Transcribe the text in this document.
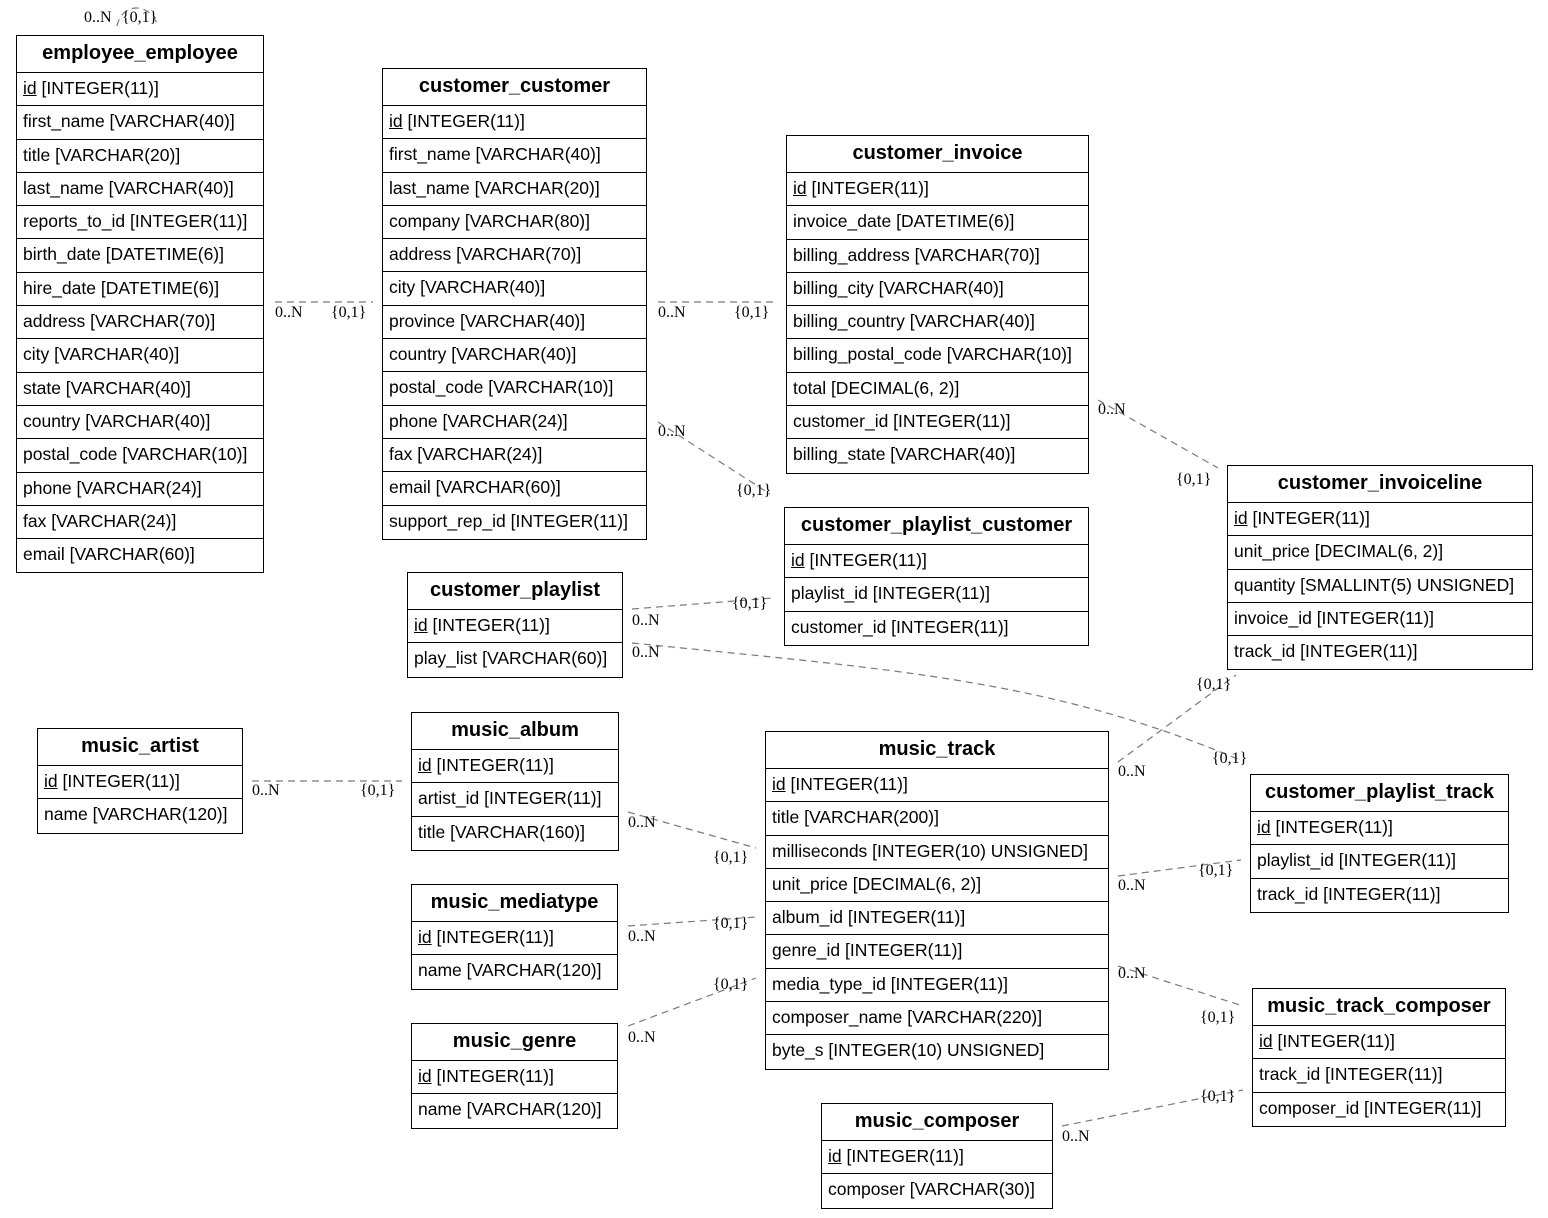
0..N {0,1}
0..N {0,1}	0..N	{0,1}
0..N
{0,1}
0..N
{0,1}
0..N
{0,1}
0..N
{0,1}
0..N
{0,1}
0..N	{0,1}
0..N
{0,1}
0..N
{0,1}
0..N
{0,1}
0..N
{0,1}
0..N
{0,1}
0..N
{0,1}
employee_employee
id [INTEGER(11)]
first_name [VARCHAR(40)]
title [VARCHAR(20)]
last_name [VARCHAR(40)]
reports_to_id [INTEGER(11)]
birth_date [DATETIME(6)]
hire_date [DATETIME(6)]
address [VARCHAR(70)]
city [VARCHAR(40)]
state [VARCHAR(40)]
country [VARCHAR(40)]
postal_code [VARCHAR(10)]
phone [VARCHAR(24)]
fax [VARCHAR(24)]
email [VARCHAR(60)]
customer_customer
id [INTEGER(11)]
first_name [VARCHAR(40)]
last_name [VARCHAR(20)]
company [VARCHAR(80)]
address [VARCHAR(70)]
city [VARCHAR(40)]
province [VARCHAR(40)]
country [VARCHAR(40)]
postal_code [VARCHAR(10)]
phone [VARCHAR(24)]
fax [VARCHAR(24)]
email [VARCHAR(60)]
support_rep_id [INTEGER(11)]
customer_invoice
id [INTEGER(11)]
invoice_date [DATETIME(6)]
billing_address [VARCHAR(70)]
billing_city [VARCHAR(40)]
billing_country [VARCHAR(40)]
billing_postal_code [VARCHAR(10)]
total [DECIMAL(6, 2)]
customer_id [INTEGER(11)]
billing_state [VARCHAR(40)]
customer_invoiceline
id [INTEGER(11)]
unit_price [DECIMAL(6, 2)]
quantity [SMALLINT(5) UNSIGNED]
invoice_id [INTEGER(11)]
track_id [INTEGER(11)]
customer_playlist_customer
id [INTEGER(11)]
playlist_id [INTEGER(11)]
customer_id [INTEGER(11)]
customer_playlist
id [INTEGER(11)]
play_list [VARCHAR(60)]
music_artist
id [INTEGER(11)]
name [VARCHAR(120)]
music_album
id [INTEGER(11)]
artist_id [INTEGER(11)]
title [VARCHAR(160)]
music_track
id [INTEGER(11)]
title [VARCHAR(200)]
milliseconds [INTEGER(10) UNSIGNED]
unit_price [DECIMAL(6, 2)]
album_id [INTEGER(11)]
genre_id [INTEGER(11)]
media_type_id [INTEGER(11)]
composer_name [VARCHAR(220)]
byte_s [INTEGER(10) UNSIGNED]
customer_playlist_track
id [INTEGER(11)]
playlist_id [INTEGER(11)]
track_id [INTEGER(11)]
music_mediatype
id [INTEGER(11)]
name [VARCHAR(120)]
music_genre
id [INTEGER(11)]
name [VARCHAR(120)]
music_track_composer
id [INTEGER(11)]
track_id [INTEGER(11)]
composer_id [INTEGER(11)]
music_composer
id [INTEGER(11)]
composer [VARCHAR(30)]
